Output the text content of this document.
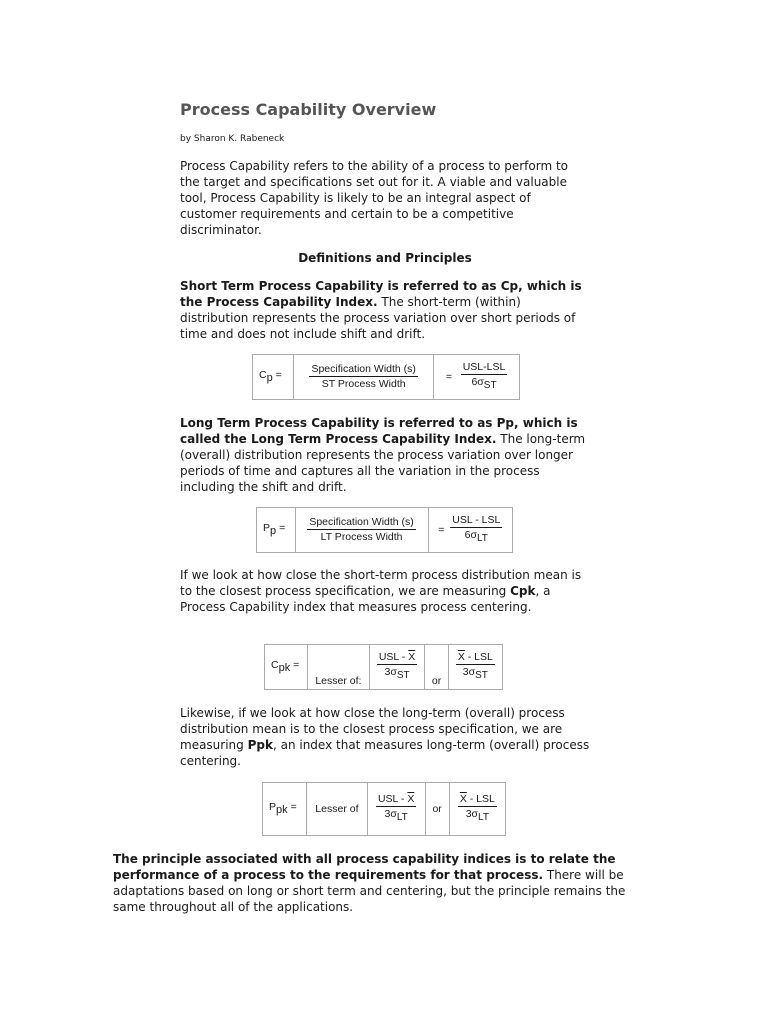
Process Capability Overview
by Sharon K. Rabeneck

Process Capability refers to the ability of a process to perform to the target and specifications set out for it. A viable and valuable tool, Process Capability is likely to be an integral aspect of customer requirements and certain to be a competitive discriminator.

Definitions and Principles

Short Term Process Capability is referred to as Cp, which is the Process Capability Index. The short-term (within) distribution represents the process variation over short periods of time and does not include shift and drift.

$C_p$ =	$\frac{\text{Specification Width (s)}}{\text{ST Process Width}}$	= $\frac{\text{USL-LSL}}{6\sigma_{ST}}$

Long Term Process Capability is referred to as Pp, which is called the Long Term Process Capability Index. The long-term (overall) distribution represents the process variation over longer periods of time and captures all the variation in the process including the shift and drift.

$P_p$ =	$\frac{\text{Specification Width (s)}}{\text{LT Process Width}}$	= $\frac{\text{USL - LSL}}{6\sigma_{LT}}$

If we look at how close the short-term process distribution mean is to the closest process specification, we are measuring Cpk, a Process Capability index that measures process centering.

$C_{pk}$ =	Lesser of:	$\frac{USL - \overline{X}}{3\sigma_{ST}}$	or	$\frac{\overline{X} - LSL}{3\sigma_{ST}}$

Likewise, if we look at how close the long-term (overall) process distribution mean is to the closest process specification, we are measuring Ppk, an index that measures long-term (overall) process centering.

$P_{pk}$ =	Lesser of	$\frac{USL - \overline{X}}{3\sigma_{LT}}$	or	$\frac{\overline{X} - LSL}{3\sigma_{LT}}$

The principle associated with all process capability indices is to relate the performance of a process to the requirements for that process. There will be adaptations based on long or short term and centering, but the principle remains the same throughout all of the applications.
